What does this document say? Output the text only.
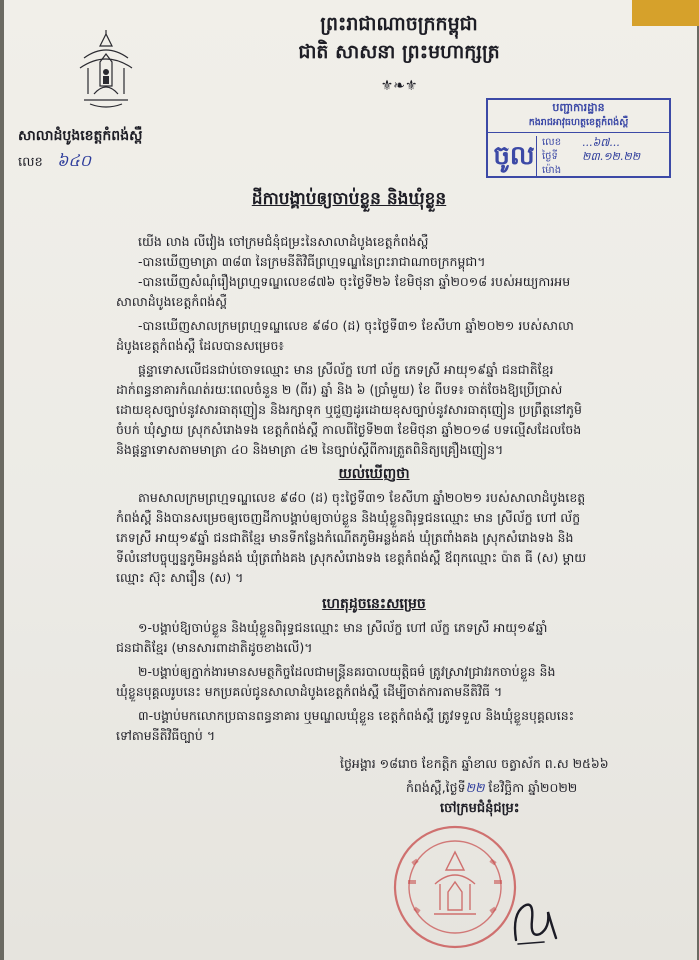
ព្រះរាជាណាចក្រកម្ពុជា
ជាតិ សាសនា ព្រះមហាក្សត្រ
⚜❧⚜
សាលាដំបូងខេត្តកំពង់ស្ពឺ
លេខ ៦៤០
បញ្ជាការដ្ឋាន
កងរាជអាវុធហត្ថខេត្តកំពង់ស្ពឺ
ចូល លេខ ...៦៧...
ថ្ងៃទី ២៣.១២.២២
ម៉ោង
ដីកាបង្គាប់ឲ្យចាប់ខ្លួន និងឃុំខ្លួន
យើង លាង លីវៀង ចៅក្រមជំនុំជម្រះនៃសាលាដំបូងខេត្តកំពង់ស្ពឺ
-បានឃើញមាត្រា ៣៨៣ នៃក្រមនីតិវិធីព្រហ្មទណ្ឌនៃព្រះរាជាណាចក្រកម្ពុជា។
-បានឃើញសំណុំរឿងព្រហ្មទណ្ឌលេខ៨៧៦ ចុះថ្ងៃទី២៦ ខែមិថុនា ឆ្នាំ២០១៨ របស់អយ្យការអម
សាលាដំបូងខេត្តកំពង់ស្ពឺ
-បានឃើញសាលក្រមព្រហ្មទណ្ឌលេខ ៩៨០ (ដ) ចុះថ្ងៃទី៣១ ខែសីហា ឆ្នាំ២០២១ របស់សាលា
ដំបូងខេត្តកំពង់ស្ពឺ ដែលបានសម្រេច៖
ផ្តន្ទាទោសលើជនជាប់ចោទឈ្មោះ មាន ស្រីល័ក្ខ ហៅ ល័ក្ខ ភេទស្រី អាយុ១៩ឆ្នាំ ជនជាតិខ្មែរ
ដាក់ពន្ធនាគារកំណត់រយៈពេលចំនួន ២ (ពីរ) ឆ្នាំ និង ៦ (ប្រាំមួយ) ខែ ពីបទ៖ ចាត់ចែងឱ្យប្រើប្រាស់
ដោយខុសច្បាប់នូវសារធាតុញៀន និងរក្សាទុក ឬជួញដូរដោយខុសច្បាប់នូវសារធាតុញៀន ប្រព្រឹត្តនៅភូមិ
ចំបក់ ឃុំស្វាយ ស្រុកសំរោងទង ខេត្តកំពង់ស្ពឺ កាលពីថ្ងៃទី២៣ ខែមិថុនា ឆ្នាំ២០១៨ បទល្មើសដែលចែង
និងផ្តន្ទាទោសតាមមាត្រា ៤០ និងមាត្រា ៤២ នៃច្បាប់ស្តីពីការត្រួតពិនិត្យគ្រឿងញៀន។
យល់ឃើញថា
តាមសាលក្រមព្រហ្មទណ្ឌលេខ ៩៨០ (ដ) ចុះថ្ងៃទី៣១ ខែសីហា ឆ្នាំ២០២១ របស់សាលាដំបូងខេត្ត
កំពង់ស្ពឺ និងបានសម្រេចឲ្យចេញដីកាបង្គាប់ឲ្យចាប់ខ្លួន និងឃុំខ្លួនពិរុទ្ធជនឈ្មោះ មាន ស្រីល័ក្ខ ហៅ ល័ក្ខ
ភេទស្រី អាយុ១៩ឆ្នាំ ជនជាតិខ្មែរ មានទីកន្លែងកំណើតភូមិអន្លង់គង់ ឃុំត្រពាំងគង ស្រុកសំរោងទង និង
ទីលំនៅបច្ចុប្បន្នភូមិអន្លង់គង់ ឃុំត្រពាំងគង ស្រុកសំរោងទង ខេត្តកំពង់ស្ពឺ ឪពុកឈ្មោះ ប៉ាត ធី (ស) ម្តាយ
ឈ្មោះ ស៊ុះ សារឿន (ស) ។
ហេតុដូចនេះសម្រេច
១-បង្គាប់ឱ្យចាប់ខ្លួន និងឃុំខ្លួនពិរុទ្ធជនឈ្មោះ មាន ស្រីល័ក្ខ ហៅ ល័ក្ខ ភេទស្រី អាយុ១៩ឆ្នាំ
ជនជាតិខ្មែរ (មានសារពាដាតិដូចខាងលើ)។
២-បង្គាប់ឲ្យភ្នាក់ងារមានសមត្ថកិច្ចដែលជាមន្ត្រីនគរបាលយុត្តិធម៌ ត្រូវស្រាវជ្រាវរកចាប់ខ្លួន និង
ឃុំខ្លួនបុគ្គលរូបនេះ មកប្រគល់ជូនសាលាដំបូងខេត្តកំពង់ស្ពឺ ដើម្បីចាត់ការតាមនីតិវិធី ។
៣-បង្គាប់មកលោកប្រធានពន្ធនាគារ ឬមណ្ឌលឃុំខ្លួន ខេត្តកំពង់ស្ពឺ ត្រូវទទួល និងឃុំខ្លួនបុគ្គលនេះ
ទៅតាមនីតិវិធីច្បាប់ ។
ថ្ងៃអង្គារ ១៨រោច ខែកត្តិក ឆ្នាំខាល ចត្វាស័ក ព.ស ២៥៦៦
កំពង់ស្ពឺ,ថ្ងៃទី២២ ខែវិច្ឆិកា ឆ្នាំ២០២២
ចៅក្រមជំនុំជម្រះ
